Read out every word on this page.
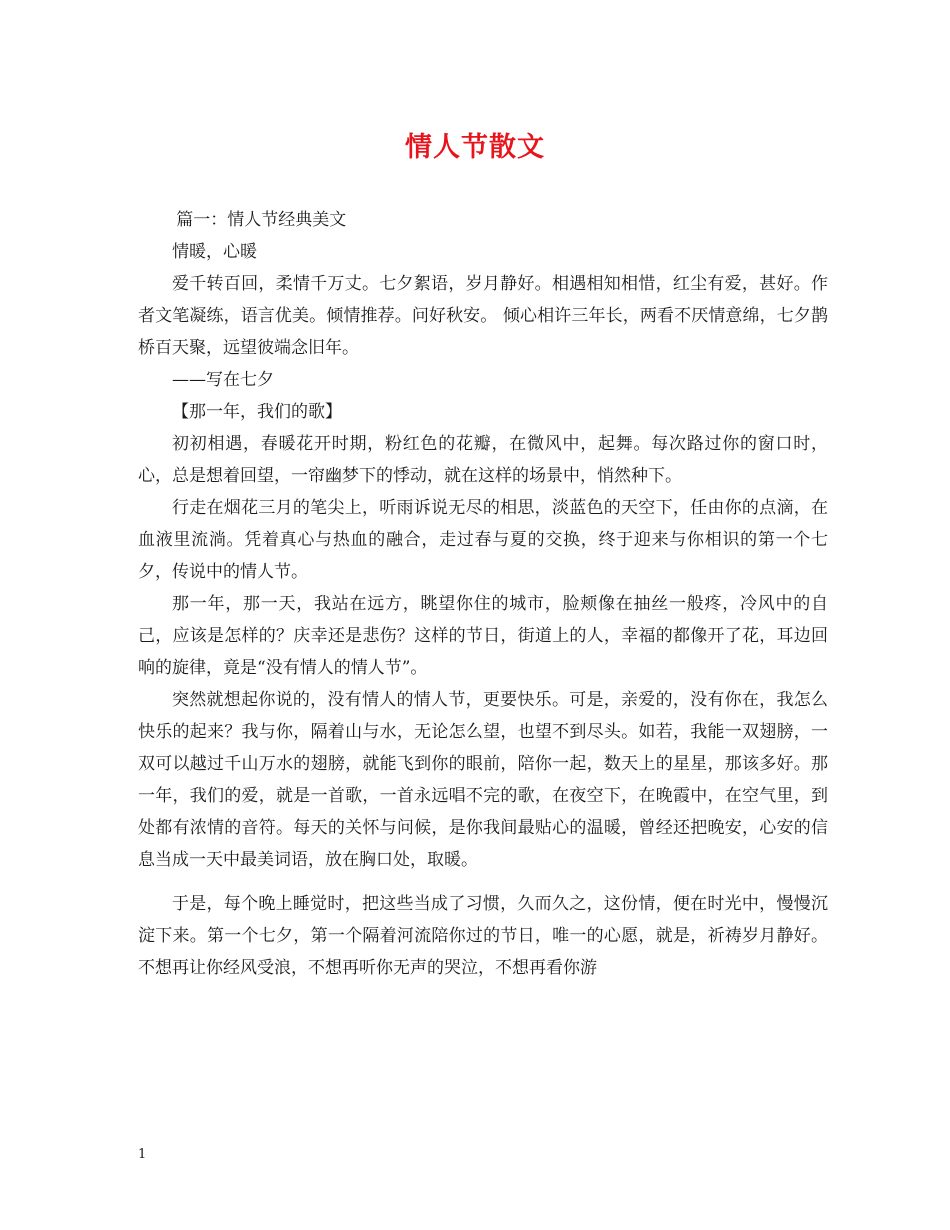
情人节散文

篇一：情人节经典美文

情暖，心暖

爱千转百回，柔情千万丈。七夕絮语，岁月静好。相遇相知相惜，红尘有爱，甚好。作者文笔凝练，语言优美。倾情推荐。问好秋安。 倾心相许三年长，两看不厌情意绵，七夕鹊桥百天聚，远望彼端念旧年。

——写在七夕

【那一年，我们的歌】

初初相遇，春暖花开时期，粉红色的花瓣，在微风中，起舞。每次路过你的窗口时，心，总是想着回望，一帘幽梦下的悸动，就在这样的场景中，悄然种下。

行走在烟花三月的笔尖上，听雨诉说无尽的相思，淡蓝色的天空下，任由你的点滴，在血液里流淌。凭着真心与热血的融合，走过春与夏的交换，终于迎来与你相识的第一个七夕，传说中的情人节。

那一年，那一天，我站在远方，眺望你住的城市，脸颊像在抽丝一般疼，冷风中的自己，应该是怎样的？庆幸还是悲伤？这样的节日，街道上的人，幸福的都像开了花，耳边回响的旋律，竟是“没有情人的情人节”。

突然就想起你说的，没有情人的情人节，更要快乐。可是，亲爱的，没有你在，我怎么快乐的起来？我与你，隔着山与水，无论怎么望，也望不到尽头。如若，我能一双翅膀，一双可以越过千山万水的翅膀，就能飞到你的眼前，陪你一起，数天上的星星，那该多好。那一年，我们的爱，就是一首歌，一首永远唱不完的歌，在夜空下，在晚霞中，在空气里，到处都有浓情的音符。每天的关怀与问候，是你我间最贴心的温暖，曾经还把晚安，心安的信息当成一天中最美词语，放在胸口处，取暖。

于是，每个晚上睡觉时，把这些当成了习惯，久而久之，这份情，便在时光中，慢慢沉淀下来。第一个七夕，第一个隔着河流陪你过的节日，唯一的心愿，就是，祈祷岁月静好。不想再让你经风受浪，不想再听你无声的哭泣，不想再看你游

1
